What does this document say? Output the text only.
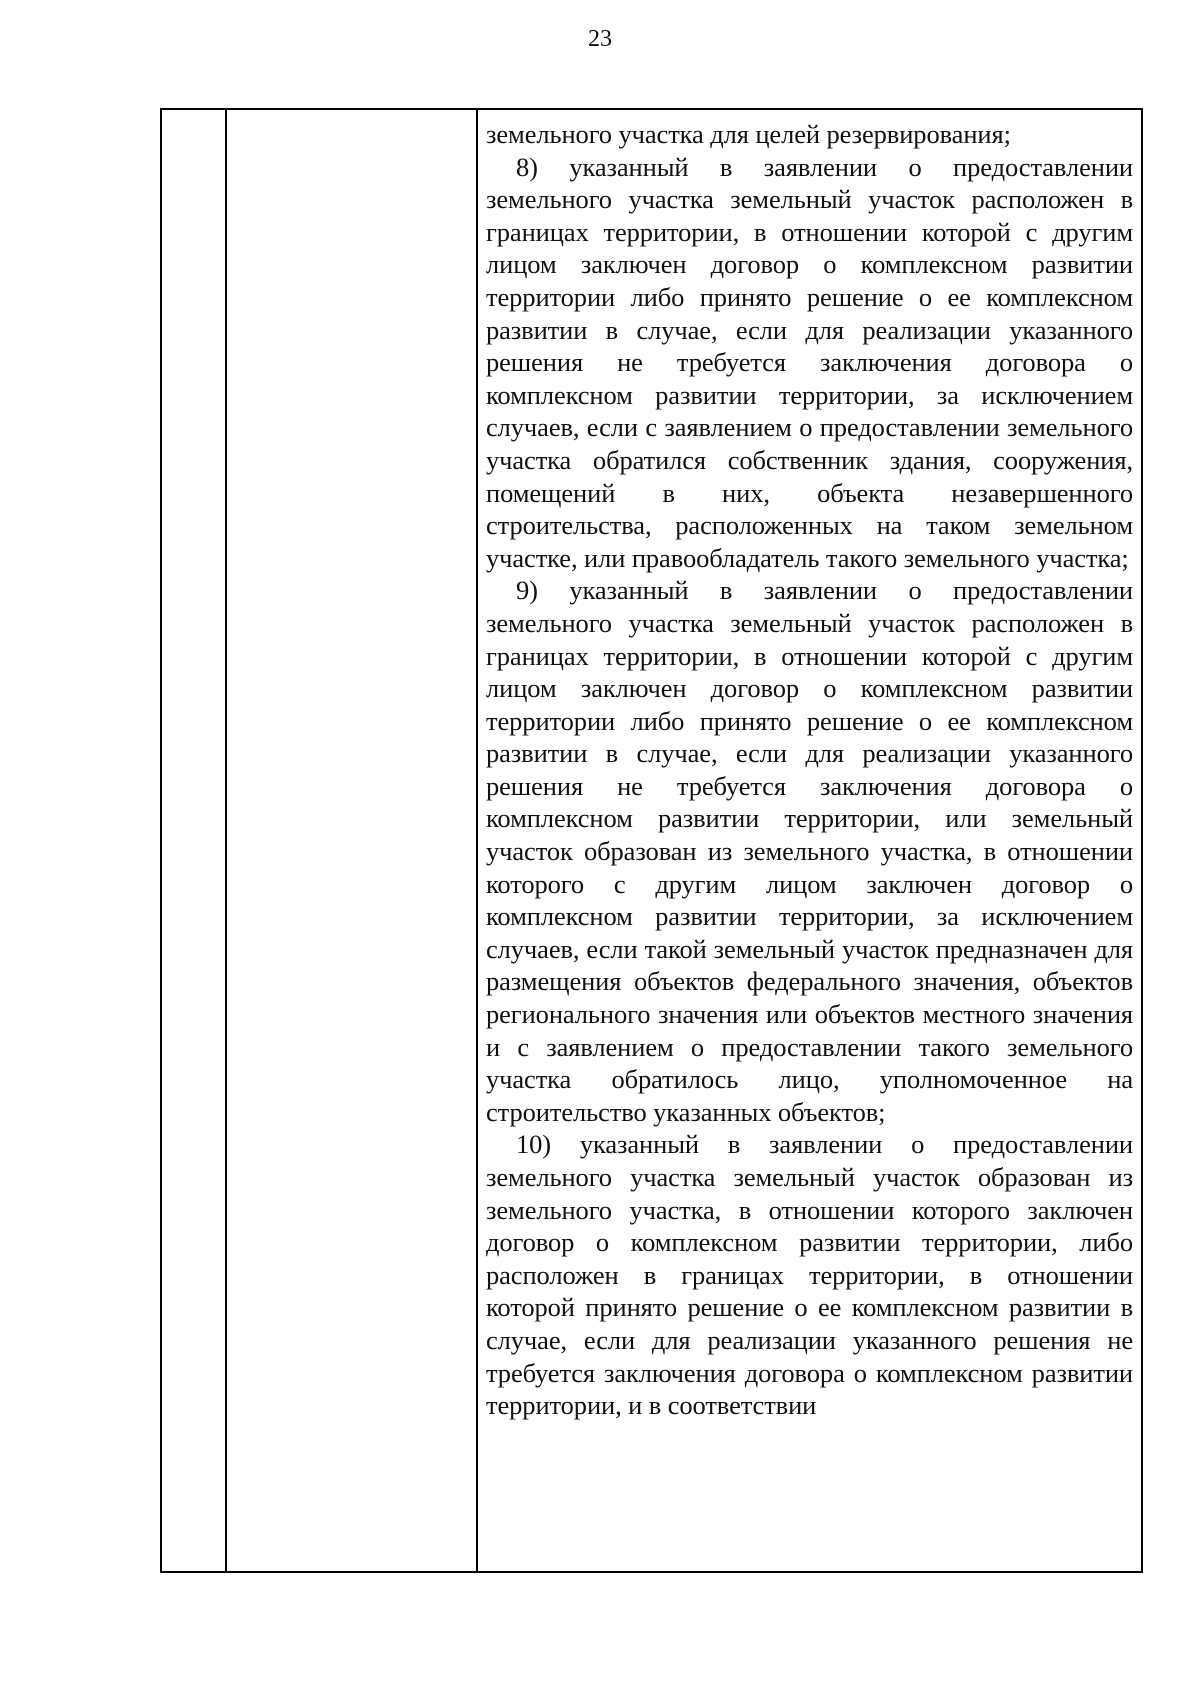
23

земельного участка для целей резервирования;

8) указанный в заявлении о предоставлении земельного участка земельный участок расположен в границах территории, в отношении которой с другим лицом заключен договор о комплексном развитии территории либо принято решение о ее комплексном развитии в случае, если для реализации указанного решения не требуется заключения договора о комплексном развитии территории, за исключением случаев, если с заявлением о предоставлении земельного участка обратился собственник здания, сооружения, помещений в них, объекта незавершенного строительства, расположенных на таком земельном участке, или правообладатель такого земельного участка;

9) указанный в заявлении о предоставлении земельного участка земельный участок расположен в границах территории, в отношении которой с другим лицом заключен договор о комплексном развитии территории либо принято решение о ее комплексном развитии в случае, если для реализации указанного решения не требуется заключения договора о комплексном развитии территории, или земельный участок образован из земельного участка, в отношении которого с другим лицом заключен договор о комплексном развитии территории, за исключением случаев, если такой земельный участок предназначен для размещения объектов федерального значения, объектов регионального значения или объектов местного значения и с заявлением о предоставлении такого земельного участка обратилось лицо, уполномоченное на строительство указанных объектов;

10) указанный в заявлении о предоставлении земельного участка земельный участок образован из земельного участка, в отношении которого заключен договор о комплексном развитии территории, либо расположен в границах территории, в отношении которой принято решение о ее комплексном развитии в случае, если для реализации указанного решения не требуется заключения договора о комплексном развитии территории, и в соответствии
